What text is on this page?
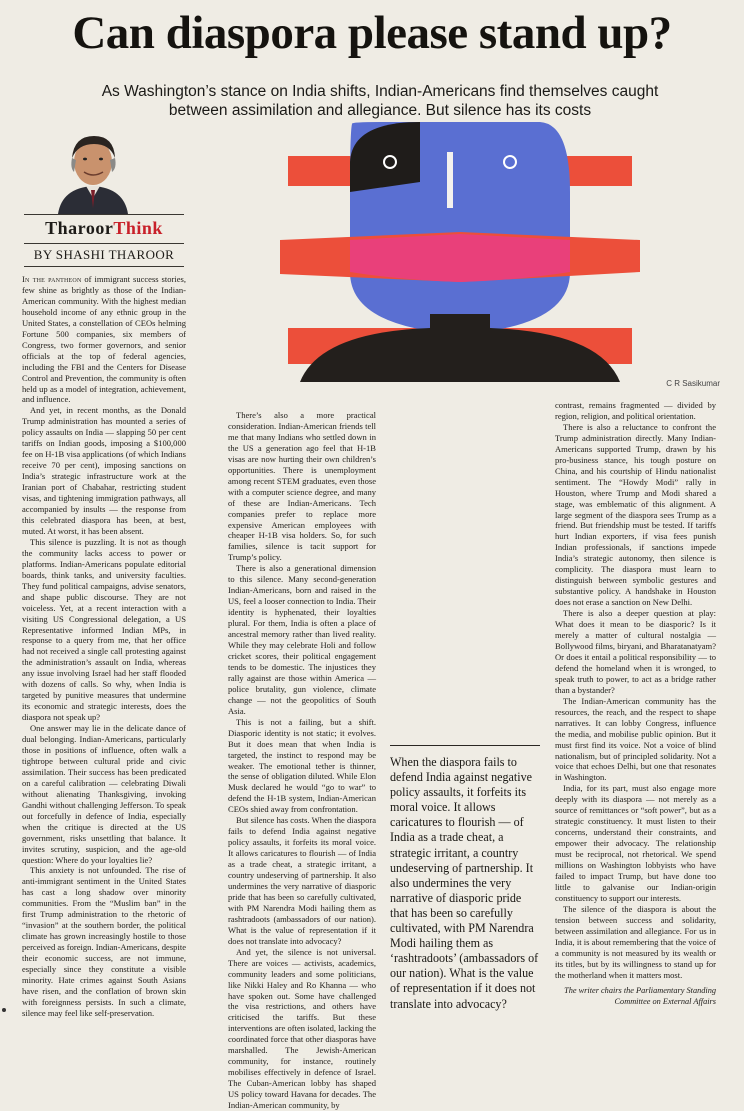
Can diaspora please stand up?

As Washington’s stance on India shifts, Indian-Americans find themselves caught between assimilation and allegiance. But silence has its costs

TharoorThink
BY SHASHI THAROOR
C R Sasikumar

In the pantheon of immigrant success stories, few shine as brightly as those of the Indian-American community. With the highest median household income of any ethnic group in the United States, a constellation of CEOs helming Fortune 500 companies, six members of Congress, two former governors, and senior officials at the top of federal agencies, including the FBI and the Centers for Disease Control and Prevention, the community is often held up as a model of integration, achievement, and influence.

And yet, in recent months, as the Donald Trump administration has mounted a series of policy assaults on India — slapping 50 per cent tariffs on Indian goods, imposing a $100,000 fee on H-1B visa applications (of which Indians receive 70 per cent), imposing sanctions on India’s strategic infrastructure work at the Iranian port of Chabahar, restricting student visas, and tightening immigration pathways, all accompanied by insults — the response from this celebrated diaspora has been, at best, muted. At worst, it has been absent.

This silence is puzzling. It is not as though the community lacks access to power or platforms. Indian-Americans populate editorial boards, think tanks, and university faculties. They fund political campaigns, advise senators, and shape public discourse. They are not voiceless. Yet, at a recent interaction with a visiting US Congressional delegation, a US Representative informed Indian MPs, in response to a query from me, that her office had not received a single call protesting against the administration’s assault on India, whereas any issue involving Israel had her staff flooded with dozens of calls. So why, when India is targeted by punitive measures that undermine its economic and strategic interests, does the diaspora not speak up?

One answer may lie in the delicate dance of dual belonging. Indian-Americans, particularly those in positions of influence, often walk a tightrope between cultural pride and civic assimilation. Their success has been predicated on a careful calibration — celebrating Diwali without alienating Thanksgiving, invoking Gandhi without challenging Jefferson. To speak out forcefully in defence of India, especially when the critique is directed at the US government, risks unsettling that balance. It invites scrutiny, suspicion, and the age-old question: Where do your loyalties lie?

This anxiety is not unfounded. The rise of anti-immigrant sentiment in the United States has cast a long shadow over minority communities. From the “Muslim ban” in the first Trump administration to the rhetoric of “invasion” at the southern border, the political climate has grown increasingly hostile to those perceived as foreign. Indian-Americans, despite their economic success, are not immune, especially since they constitute a visible minority. Hate crimes against South Asians have risen, and the conflation of brown skin with foreignness persists. In such a climate, silence may feel like self-preservation.

There’s also a more practical consideration. Indian-American friends tell me that many Indians who settled down in the US a generation ago feel that H-1B visas are now hurting their own children’s opportunities. There is unemployment among recent STEM graduates, even those with a computer science degree, and many of these are Indian-Americans. Tech companies prefer to replace more expensive American employees with cheaper H-1B visa holders. So, for such families, silence is tacit support for Trump’s policy.

There is also a generational dimension to this silence. Many second-generation Indian-Americans, born and raised in the US, feel a looser connection to India. Their identity is hyphenated, their loyalties plural. For them, India is often a place of ancestral memory rather than lived reality. While they may celebrate Holi and follow cricket scores, their political engagement tends to be domestic. The injustices they rally against are those within America — police brutality, gun violence, climate change — not the geopolitics of South Asia.

This is not a failing, but a shift. Diasporic identity is not static; it evolves. But it does mean that when India is targeted, the instinct to respond may be weaker. The emotional tether is thinner, the sense of obligation diluted. While Elon Musk declared he would “go to war” to defend the H-1B system, Indian-American CEOs shied away from confrontation.

But silence has costs. When the diaspora fails to defend India against negative policy assaults, it forfeits its moral voice. It allows caricatures to flourish — of India as a trade cheat, a strategic irritant, a country undeserving of partnership. It also undermines the very narrative of diasporic pride that has been so carefully cultivated, with PM Narendra Modi hailing them as rashtradoots (ambassadors of our nation). What is the value of representation if it does not translate into advocacy?

And yet, the silence is not universal. There are voices — activists, academics, community leaders and some politicians, like Nikki Haley and Ro Khanna — who have spoken out. Some have challenged the visa restrictions, and others have criticised the tariffs. But these interventions are often isolated, lacking the coordinated force that other diasporas have marshalled. The Jewish-American community, for instance, routinely mobilises effectively in defence of Israel. The Cuban-American lobby has shaped US policy toward Havana for decades. The Indian-American community, by

contrast, remains fragmented — divided by region, religion, and political orientation.

There is also a reluctance to confront the Trump administration directly. Many Indian-Americans supported Trump, drawn by his pro-business stance, his tough posture on China, and his courtship of Hindu nationalist sentiment. The “Howdy Modi” rally in Houston, where Trump and Modi shared a stage, was emblematic of this alignment. A large segment of the diaspora sees Trump as a friend. But friendship must be tested. If tariffs hurt Indian exporters, if visa fees punish Indian professionals, if sanctions impede India’s strategic autonomy, then silence is complicity. The diaspora must learn to distinguish between symbolic gestures and substantive policy. A handshake in Houston does not erase a sanction on New Delhi.

There is also a deeper question at play: What does it mean to be diasporic? Is it merely a matter of cultural nostalgia — Bollywood films, biryani, and Bharatanatyam? Or does it entail a political responsibility — to defend the homeland when it is wronged, to speak truth to power, to act as a bridge rather than a bystander?

The Indian-American community has the resources, the reach, and the respect to shape narratives. It can lobby Congress, influence the media, and mobilise public opinion. But it must first find its voice. Not a voice of blind nationalism, but of principled solidarity. Not a voice that echoes Delhi, but one that resonates in Washington.

India, for its part, must also engage more deeply with its diaspora — not merely as a source of remittances or “soft power”, but as a strategic constituency. It must listen to their concerns, understand their constraints, and empower their advocacy. The relationship must be reciprocal, not rhetorical. We spend millions on Washington lobbyists who have failed to impact Trump, but have done too little to galvanise our Indian-origin constituency to support our interests.

The silence of the diaspora is about the tension between success and solidarity, between assimilation and allegiance. For us in India, it is about remembering that the voice of a community is not measured by its wealth or its titles, but by its willingness to stand up for the motherland when it matters most.

When the diaspora fails to defend India against negative policy assaults, it forfeits its moral voice. It allows caricatures to flourish — of India as a trade cheat, a strategic irritant, a country undeserving of partnership. It also undermines the very narrative of diasporic pride that has been so carefully cultivated, with PM Narendra Modi hailing them as ‘rashtradoots’ (ambassadors of our nation). What is the value of representation if it does not translate into advocacy?
The writer chairs the Parliamentary Standing Committee on External Affairs
